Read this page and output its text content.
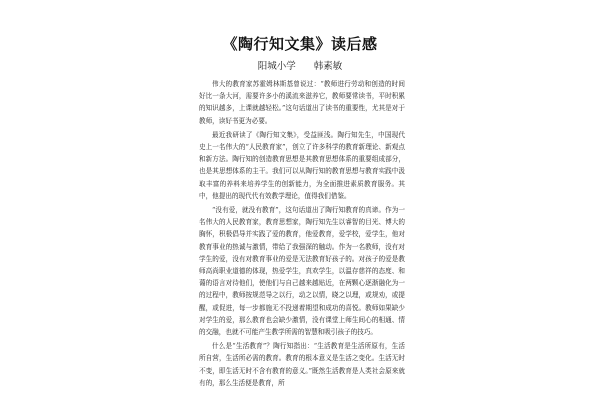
《陶行知文集》读后感
阳城小学 韩素敏

伟大的教育家苏霍姆林斯基曾说过：“教师进行劳动和创造的时间好比一条大河，需要许多小的溪流来滋养它，教师要常读书，平时积累的知识越多，上课就越轻松。”这句话道出了读书的重要性，尤其是对于教师，读好书更为必要。

最近我研读了《陶行知文集》，受益匪浅。陶行知先生，中国现代史上一名伟大的“人民教育家”，创立了许多科学的教育新理论、新观点和新方法。陶行知的创造教育思想是其教育思想体系的重要组成部分，也是其思想体系的主干。我们可以从陶行知的教育思想与教育实践中汲取丰富的养料来培养学生的创新能力，为全面推进素质教育服务。其中，他提出的现代代有效教学理论，值得我们借鉴。

“没有爱，就没有教育”，这句话道出了陶行知教育的真谛。作为一名伟大的人民教育家，教育思想家，陶行知先生以睿智的目光、博大的胸怀，积极倡导并实践了爱的教育，他爱教育，爱学校，爱学生，他对教育事业的热诚与激情，带给了我强深的触动。作为一名教师，没有对学生的爱，没有对教育事业的爱是无法教育好孩子的。对孩子的爱是教师高尚职业道德的体现，热爱学生，真欢学生，以温存慈祥的态度、和蔼的语言对待他们，使他们与自己越来越贴近，在两颗心逐渐融化为一的过程中，教师按规范导之以行，动之以情，晓之以理，或规劝，或提醒，或促进，每一步都施无不投递着期望和成功的喜悦。教师如果缺少对学生的爱，那么教育也会缺少激情，没有课堂上师生间心的相通、情的交融，也就不可能产生教学所需的智慧和吸引孩子的技巧。

什么是“生活教育”？陶行知指出：“生活教育是生活所原有，生活所自营，生活所必需的教育。教育的根本意义是生活之变化。生活无时不变，即生活无时不含有教育的意义。”既然生活教育是人类社会原来就有的，那么生活便是教育，所
